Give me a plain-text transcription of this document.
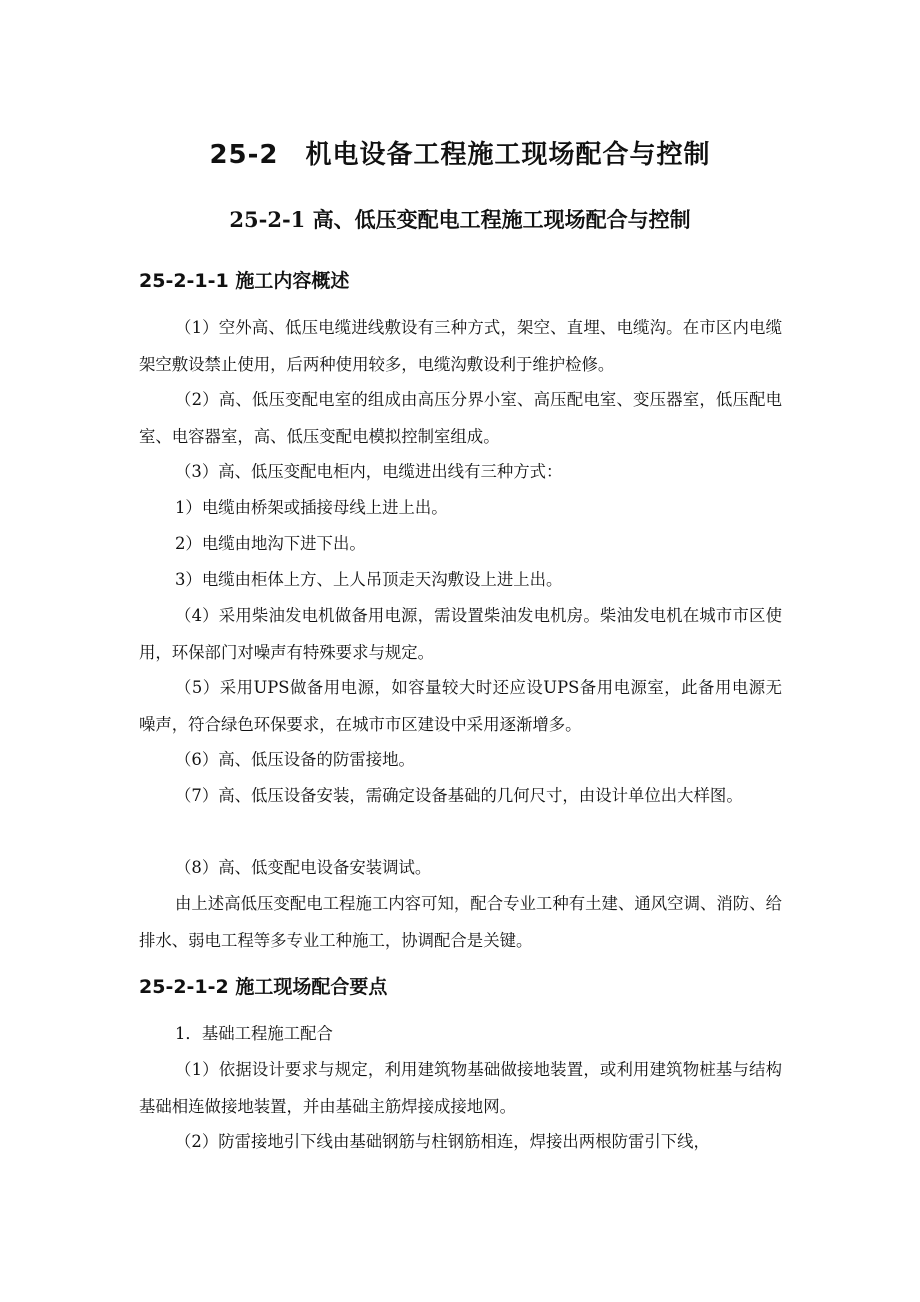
25-2　机电设备工程施工现场配合与控制
25-2-1 高、低压变配电工程施工现场配合与控制
25-2-1-1 施工内容概述
（1）空外高、低压电缆进线敷设有三种方式，架空、直埋、电缆沟。在市区内电缆架空敷设禁止使用，后两种使用较多，电缆沟敷设利于维护检修。
（2）高、低压变配电室的组成由高压分界小室、高压配电室、变压器室，低压配电室、电容器室，高、低压变配电模拟控制室组成。
（3）高、低压变配电柜内，电缆进出线有三种方式：
1）电缆由桥架或插接母线上进上出。
2）电缆由地沟下进下出。
3）电缆由柜体上方、上人吊顶走天沟敷设上进上出。
（4）采用柴油发电机做备用电源，需设置柴油发电机房。柴油发电机在城市市区使用，环保部门对噪声有特殊要求与规定。
（5）采用UPS做备用电源，如容量较大时还应设UPS备用电源室，此备用电源无噪声，符合绿色环保要求，在城市市区建设中采用逐渐增多。
（6）高、低压设备的防雷接地。
（7）高、低压设备安装，需确定设备基础的几何尺寸，由设计单位出大样图。
（8）高、低变配电设备安装调试。
由上述高低压变配电工程施工内容可知，配合专业工种有土建、通风空调、消防、给排水、弱电工程等多专业工种施工，协调配合是关键。
25-2-1-2 施工现场配合要点
1．基础工程施工配合
（1）依据设计要求与规定，利用建筑物基础做接地装置，或利用建筑物桩基与结构基础相连做接地装置，并由基础主筋焊接成接地网。
（2）防雷接地引下线由基础钢筋与柱钢筋相连，焊接出两根防雷引下线，
